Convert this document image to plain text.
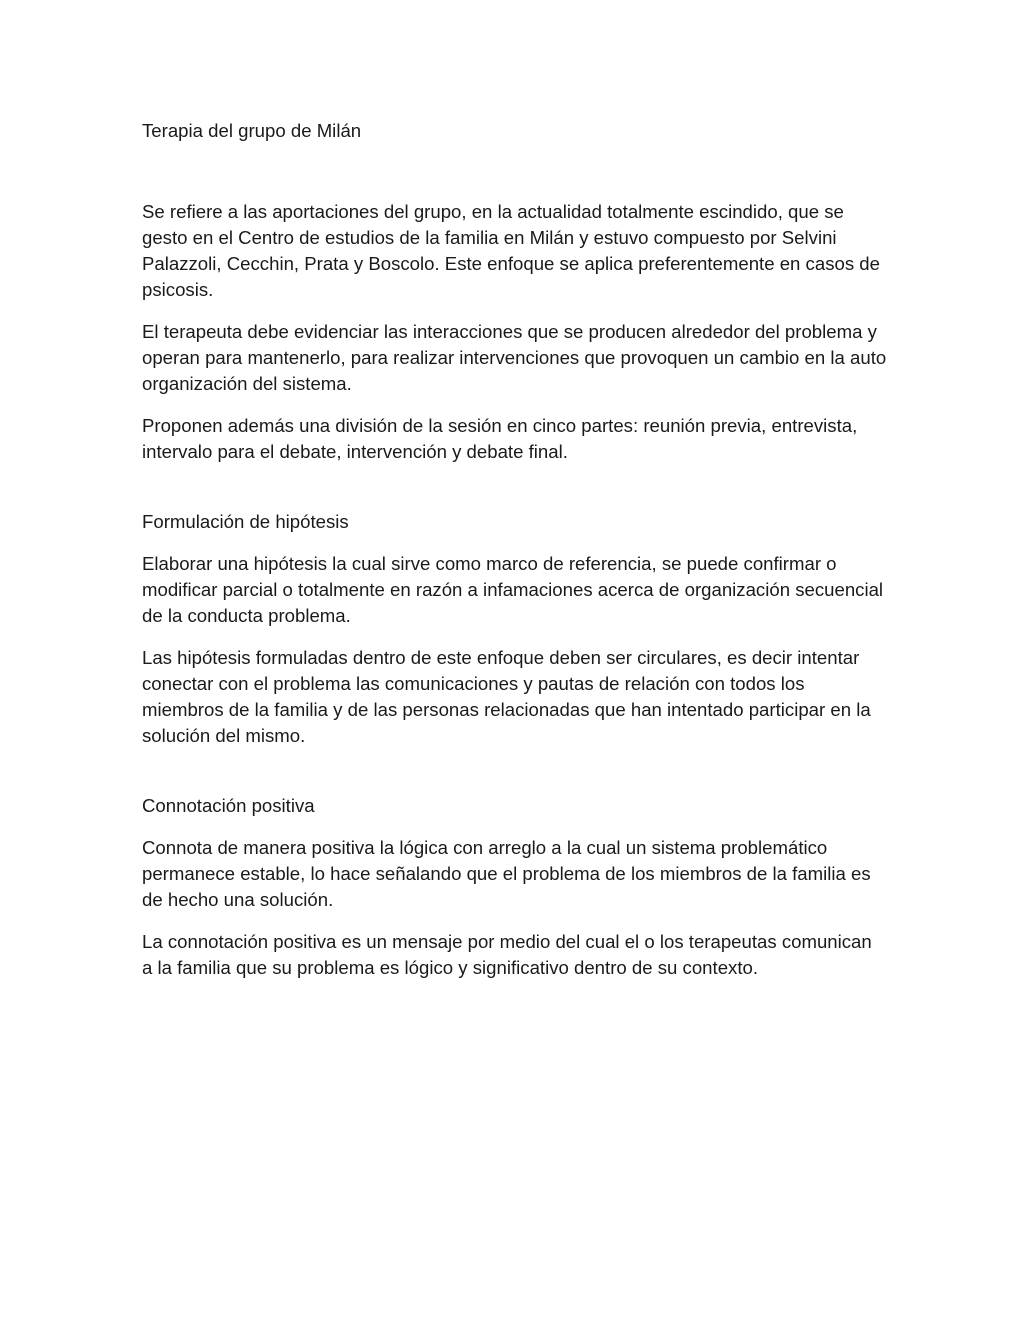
Terapia del grupo de Milán

Se refiere a las aportaciones del grupo, en la actualidad totalmente escindido, que se gesto en el Centro de estudios de la familia en Milán y estuvo compuesto por Selvini Palazzoli, Cecchin, Prata y Boscolo. Este enfoque se aplica preferentemente en casos de psicosis.

El terapeuta debe evidenciar las interacciones que se producen alrededor del problema y operan para mantenerlo, para realizar intervenciones que provoquen un cambio en la auto organización del sistema.

Proponen además una división de la sesión en cinco partes: reunión previa, entrevista, intervalo para el debate, intervención y debate final.

Formulación de hipótesis

Elaborar una hipótesis la cual sirve como marco de referencia, se puede confirmar o modificar parcial o totalmente en razón a infamaciones acerca de organización secuencial de la conducta problema.

Las hipótesis formuladas dentro de este enfoque deben ser circulares, es decir intentar conectar con el problema las comunicaciones y pautas de relación con todos los miembros de la familia y de las personas relacionadas que han intentado participar en la solución del mismo.

Connotación positiva

Connota de manera positiva la lógica con arreglo a la cual un sistema problemático permanece estable, lo hace señalando que el problema de los miembros de la familia es de hecho una solución.

La connotación positiva es un mensaje por medio del cual el o los terapeutas comunican a la familia que su problema es lógico y significativo dentro de su contexto.
